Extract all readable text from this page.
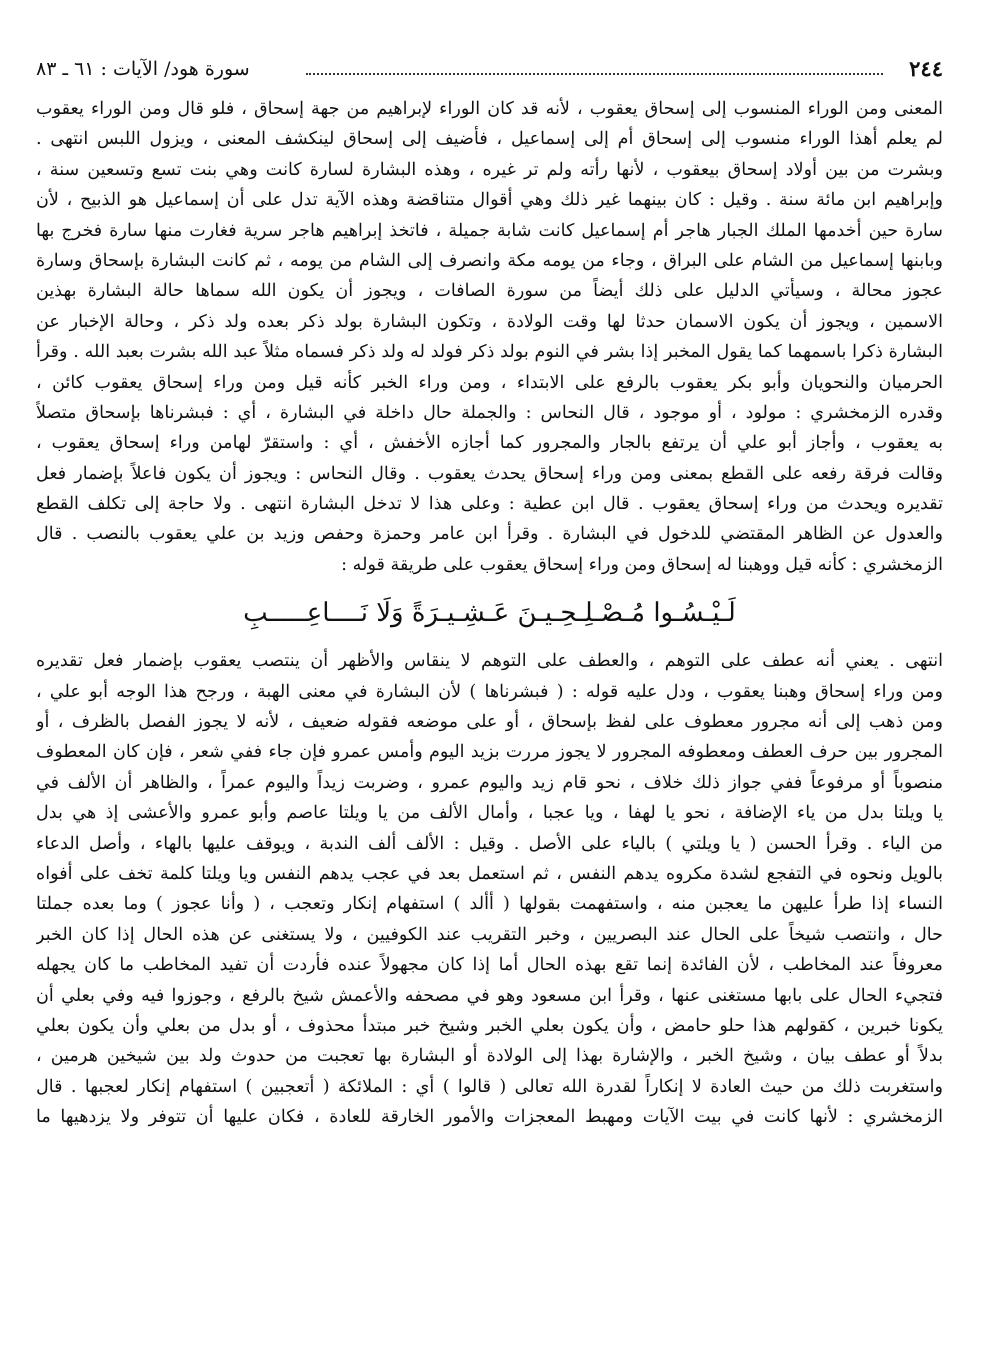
٢٤٤
سورة هود/ الآيات : ٦١ ـ ٨٣
المعنى ومن الوراء المنسوب إلى إسحاق يعقوب ، لأنه قد كان الوراء لإبراهيم من جهة إسحاق ، فلو قال ومن الوراء يعقوب
لم يعلم أهذا الوراء منسوب إلى إسحاق أم إلى إسماعيل ، فأضيف إلى إسحاق لينكشف المعنى ، ويزول اللبس انتهى .
وبشرت من بين أولاد إسحاق بيعقوب ، لأنها رأته ولم تر غيره ، وهذه البشارة لسارة كانت وهي بنت تسع وتسعين سنة ،
وإبراهيم ابن مائة سنة . وقيل : كان بينهما غير ذلك وهي أقوال متناقضة وهذه الآية تدل على أن إسماعيل هو الذبيح ، لأن
سارة حين أخدمها الملك الجبار هاجر أم إسماعيل كانت شابة جميلة ، فاتخذ إبراهيم هاجر سرية فغارت منها سارة فخرج بها
وبابنها إسماعيل من الشام على البراق ، وجاء من يومه مكة وانصرف إلى الشام من يومه ، ثم كانت البشارة بإسحاق وسارة
عجوز محالة ، وسيأتي الدليل على ذلك أيضاً من سورة الصافات ، ويجوز أن يكون الله سماها حالة البشارة بهذين
الاسمين ، ويجوز أن يكون الاسمان حدثا لها وقت الولادة ، وتكون البشارة بولد ذكر بعده ولد ذكر ، وحالة الإخبار عن
البشارة ذكرا باسمهما كما يقول المخبر إذا بشر في النوم بولد ذكر فولد له ولد ذكر فسماه مثلاً عبد الله بشرت بعبد الله . وقرأ
الحرميان والنحويان وأبو بكر يعقوب بالرفع على الابتداء ، ومن وراء الخبر كأنه قيل ومن وراء إسحاق يعقوب كائن ،
وقدره الزمخشري : مولود ، أو موجود ، قال النحاس : والجملة حال داخلة في البشارة ، أي : فبشرناها بإسحاق متصلاً
به يعقوب ، وأجاز أبو علي أن يرتفع بالجار والمجرور كما أجازه الأخفش ، أي : واستقرّ لهامن وراء إسحاق يعقوب ،
وقالت فرقة رفعه على القطع بمعنى ومن وراء إسحاق يحدث يعقوب . وقال النحاس : ويجوز أن يكون فاعلاً بإضمار فعل
تقديره ويحدث من وراء إسحاق يعقوب . قال ابن عطية : وعلى هذا لا تدخل البشارة انتهى . ولا حاجة إلى تكلف القطع
والعدول عن الظاهر المقتضي للدخول في البشارة . وقرأ ابن عامر وحمزة وحفص وزيد بن علي يعقوب بالنصب . قال
الزمخشري : كأنه قيل ووهبنا له إسحاق ومن وراء إسحاق يعقوب على طريقة قوله :
لَـيْـسُـوا مُـصْـلِـحِـيـنَ عَـشِـيـرَةً وَلَا نَــــاعِـــــبِ
انتهى . يعني أنه عطف على التوهم ، والعطف على التوهم لا ينقاس والأظهر أن ينتصب يعقوب بإضمار فعل تقديره
ومن وراء إسحاق وهبنا يعقوب ، ودل عليه قوله : ( فبشرناها ) لأن البشارة في معنى الهبة ، ورجح هذا الوجه أبو علي ،
ومن ذهب إلى أنه مجرور معطوف على لفظ بإسحاق ، أو على موضعه فقوله ضعيف ، لأنه لا يجوز الفصل بالظرف ، أو
المجرور بين حرف العطف ومعطوفه المجرور لا يجوز مررت بزيد اليوم وأمس عمرو فإن جاء ففي شعر ، فإن كان المعطوف
منصوباً أو مرفوعاً ففي جواز ذلك خلاف ، نحو قام زيد واليوم عمرو ، وضربت زيداً واليوم عمراً ، والظاهر أن الألف في
يا ويلتا بدل من ياء الإضافة ، نحو يا لهفا ، ويا عجبا ، وأمال الألف من يا ويلتا عاصم وأبو عمرو والأعشى إذ هي بدل
من الياء . وقرأ الحسن ( يا ويلتي ) بالياء على الأصل . وقيل : الألف ألف الندبة ، ويوقف عليها بالهاء ، وأصل الدعاء
بالويل ونحوه في التفجع لشدة مكروه يدهم النفس ، ثم استعمل بعد في عجب يدهم النفس ويا ويلتا كلمة تخف على أفواه
النساء إذا طرأ عليهن ما يعجبن منه ، واستفهمت بقولها ( أألد ) استفهام إنكار وتعجب ، ( وأنا عجوز ) وما بعده جملتا
حال ، وانتصب شيخاً على الحال عند البصريين ، وخبر التقريب عند الكوفيين ، ولا يستغنى عن هذه الحال إذا كان الخبر
معروفاً عند المخاطب ، لأن الفائدة إنما تقع بهذه الحال أما إذا كان مجهولاً عنده فأردت أن تفيد المخاطب ما كان يجهله
فتجيء الحال على بابها مستغنى عنها ، وقرأ ابن مسعود وهو في مصحفه والأعمش شيخ بالرفع ، وجوزوا فيه وفي بعلي أن
يكونا خبرين ، كقولهم هذا حلو حامض ، وأن يكون بعلي الخبر وشيخ خبر مبتدأ محذوف ، أو بدل من بعلي وأن يكون بعلي
بدلاً أو عطف بيان ، وشيخ الخبر ، والإشارة بهذا إلى الولادة أو البشارة بها تعجبت من حدوث ولد بين شيخين هرمين ،
واستغربت ذلك من حيث العادة لا إنكاراً لقدرة الله تعالى ( قالوا ) أي : الملائكة ( أتعجبين ) استفهام إنكار لعجبها . قال
الزمخشري : لأنها كانت في بيت الآيات ومهبط المعجزات والأمور الخارقة للعادة ، فكان عليها أن تتوفر ولا يزدهيها ما
